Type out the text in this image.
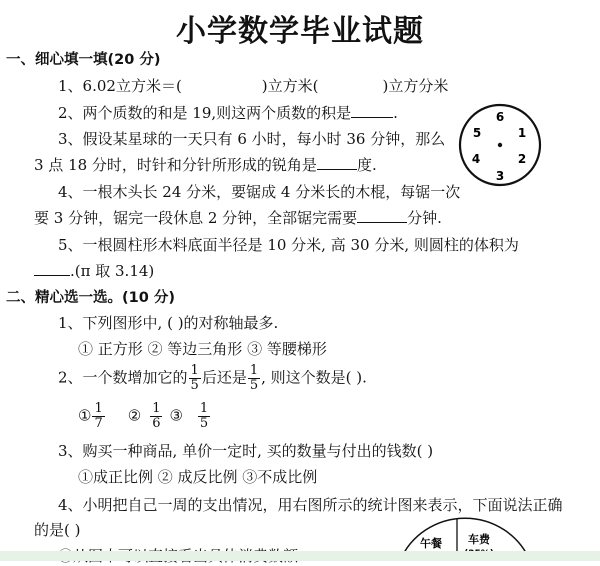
小学数学毕业试题
一、细心填一填(20 分)
1、6.02立方米＝(	)立方米(	)立方分米
2、两个质数的和是 19,则这两个质数的积是	.
3、假设某星球的一天只有 6 小时，每小时 36 分钟，那么
3 点 18 分时，时针和分针所形成的锐角是	度.
4、一根木头长 24 分米，要锯成 4 分米长的木棍，每锯一次
要 3 分钟，锯完一段休息 2 分钟，全部锯完需要	分钟.
5、一根圆柱形木料底面半径是 10 分米, 高 30 分米, 则圆柱的体积为
.(π 取 3.14)
6
1
5
2
4
3
二、精心选一选。(10 分)
1、下列图形中, ( )的对称轴最多.
① 正方形 ② 等边三角形 ③ 等腰梯形
2、一个数增加它的 $\frac{1}{5}$ 后还是 $\frac{1}{5}$ , 则这个数是( ).
① $\frac{1}{7}$ ② $\frac{1}{6}$ ③ $\frac{1}{5}$
3、购买一种商品, 单价一定时, 买的数量与付出的钱数( )
①成正比例 ② 成反比例 ③不成比例
4、小明把自己一周的支出情况，用右图所示的统计图来表示，下面说法正确
的是( )
午餐 车费
